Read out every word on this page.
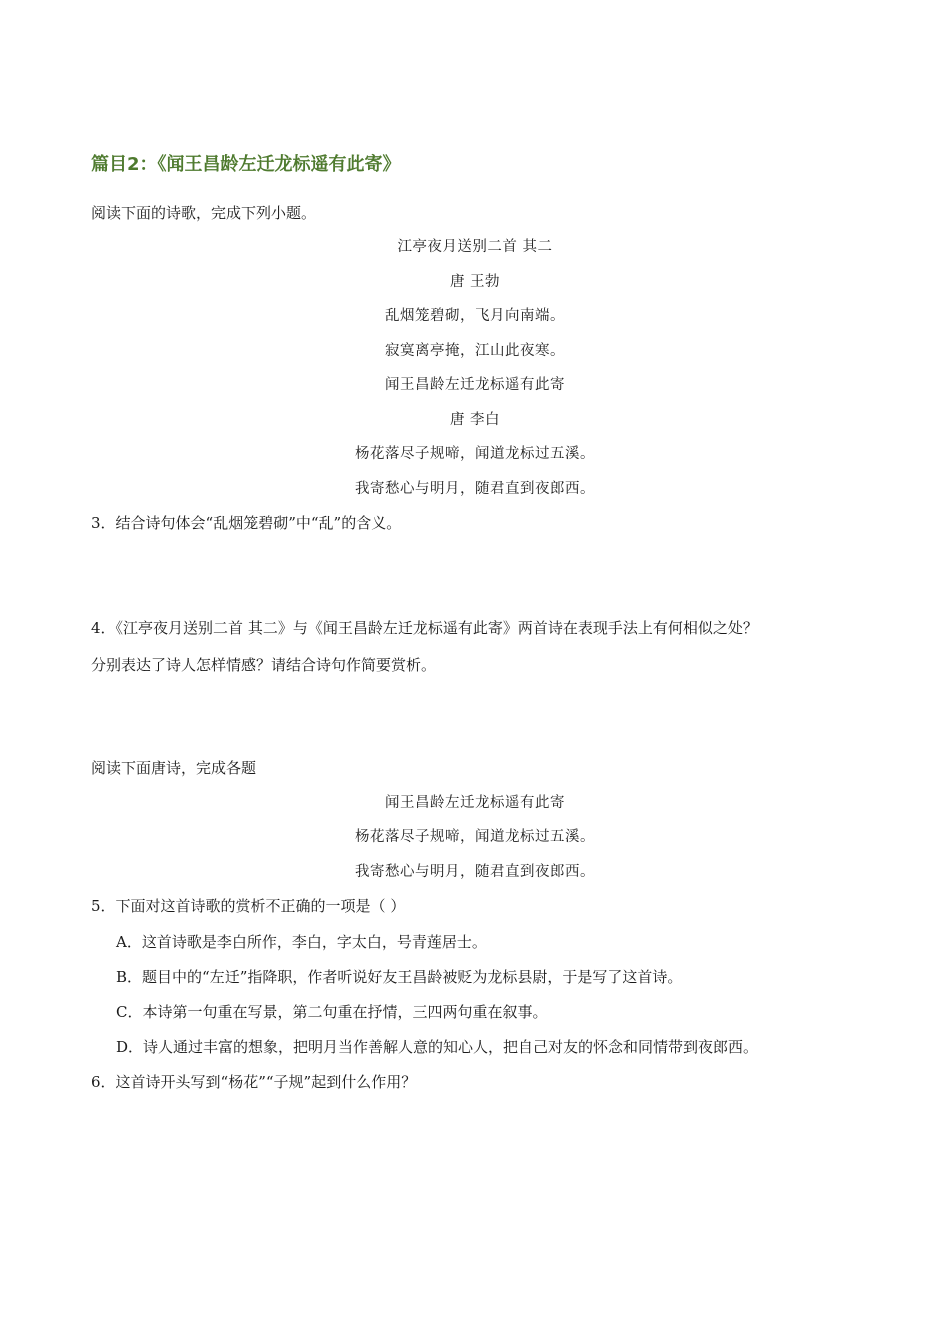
篇目2：《闻王昌龄左迁龙标遥有此寄》
阅读下面的诗歌，完成下列小题。
江亭夜月送别二首 其二
唐 王勃
乱烟笼碧砌，飞月向南端。
寂寞离亭掩，江山此夜寒。
闻王昌龄左迁龙标遥有此寄
唐 李白
杨花落尽子规啼，闻道龙标过五溪。
我寄愁心与明月，随君直到夜郎西。
3．结合诗句体会“乱烟笼碧砌”中“乱”的含义。
4．《江亭夜月送别二首 其二》与《闻王昌龄左迁龙标遥有此寄》两首诗在表现手法上有何相似之处？
分别表达了诗人怎样情感？请结合诗句作简要赏析。
阅读下面唐诗，完成各题
闻王昌龄左迁龙标遥有此寄
杨花落尽子规啼，闻道龙标过五溪。
我寄愁心与明月，随君直到夜郎西。
5．下面对这首诗歌的赏析不正确的一项是（ ）
A．这首诗歌是李白所作，李白，字太白，号青莲居士。
B．题目中的“左迁”指降职，作者听说好友王昌龄被贬为龙标县尉，于是写了这首诗。
C．本诗第一句重在写景，第二句重在抒情，三四两句重在叙事。
D．诗人通过丰富的想象，把明月当作善解人意的知心人，把自己对友的怀念和同情带到夜郎西。
6．这首诗开头写到“杨花”“子规”起到什么作用？
